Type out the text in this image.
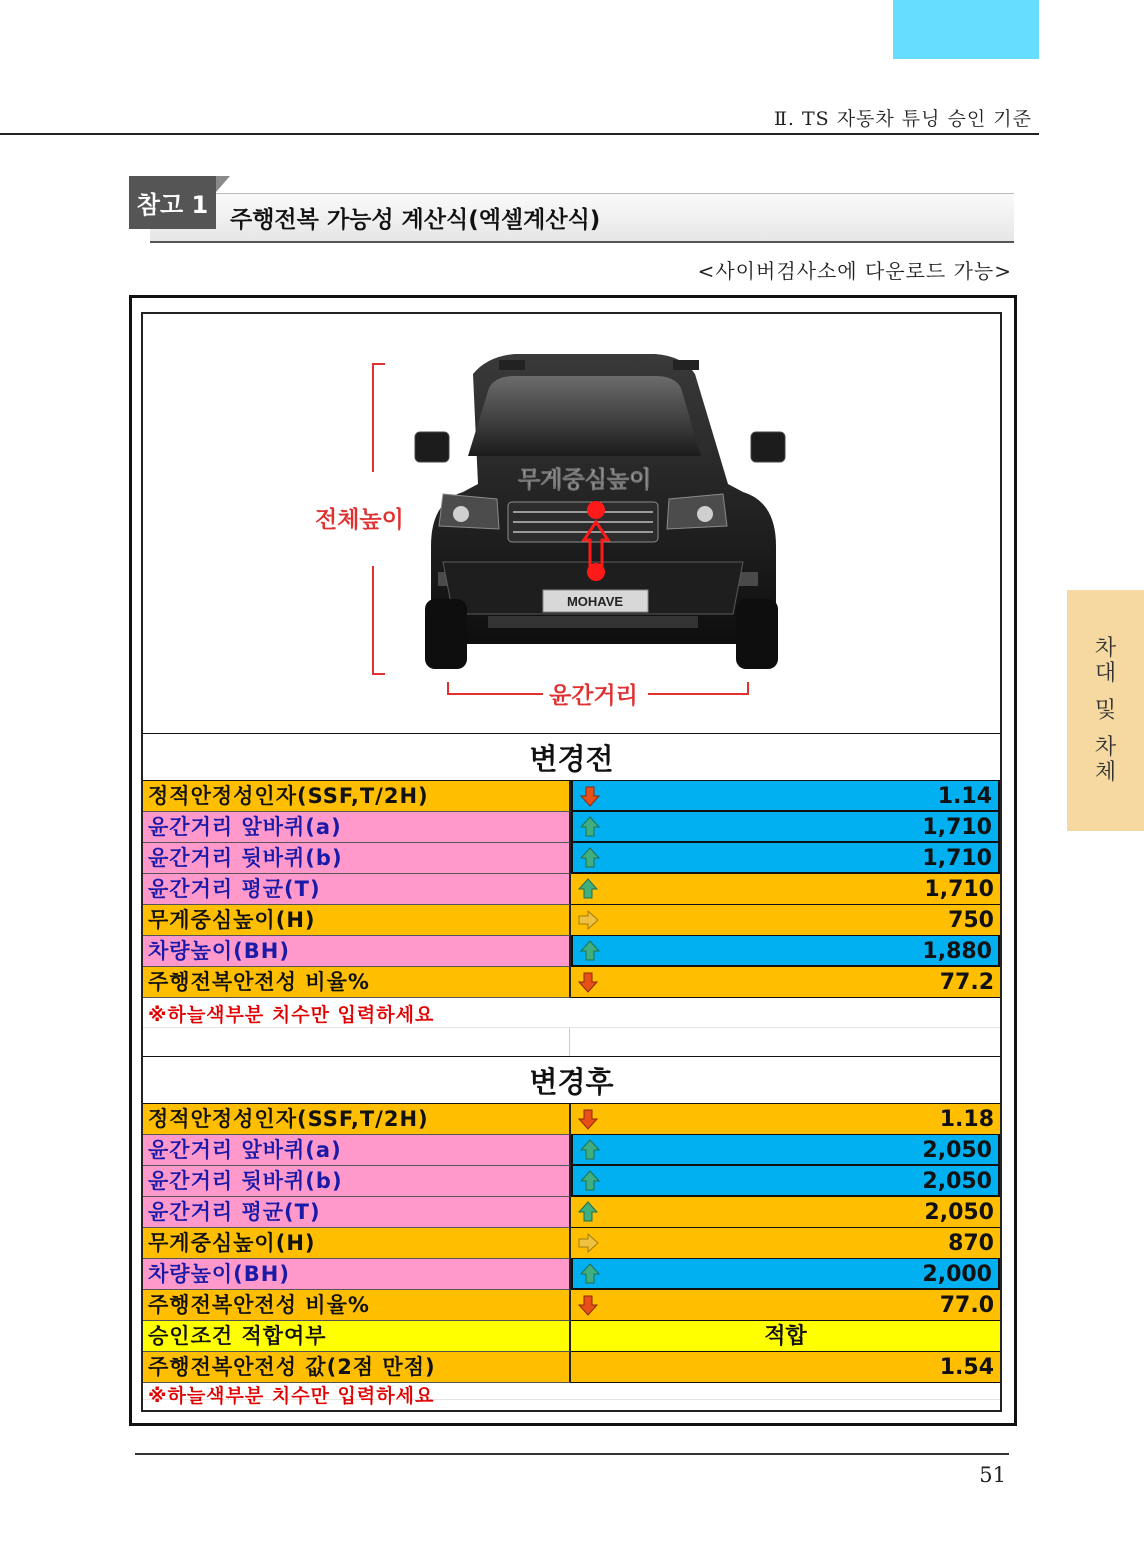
Ⅱ. TS 자동차 튜닝 승인 기준
차
대
및
차
체
참고 1
주행전복 가능성 계산식(엑셀계산식)
<사이버검사소에 다운로드 가능>
MOHAVE
전체높이
무게중심높이
윤간거리
변경전
정적안정성인자(SSF,T/2H)	1.14
윤간거리 앞바퀴(a)	1,710
윤간거리 뒷바퀴(b)	1,710
윤간거리 평균(T)	1,710
무게중심높이(H)	750
차량높이(BH)	1,880
주행전복안전성 비율%	77.2
※하늘색부분 치수만 입력하세요
변경후
정적안정성인자(SSF,T/2H)	1.18
윤간거리 앞바퀴(a)	2,050
윤간거리 뒷바퀴(b)	2,050
윤간거리 평균(T)	2,050
무게중심높이(H)	870
차량높이(BH)	2,000
주행전복안전성 비율%	77.0
승인조건 적합여부	적합
주행전복안전성 값(2점 만점)	1.54
※하늘색부분 치수만 입력하세요
51
